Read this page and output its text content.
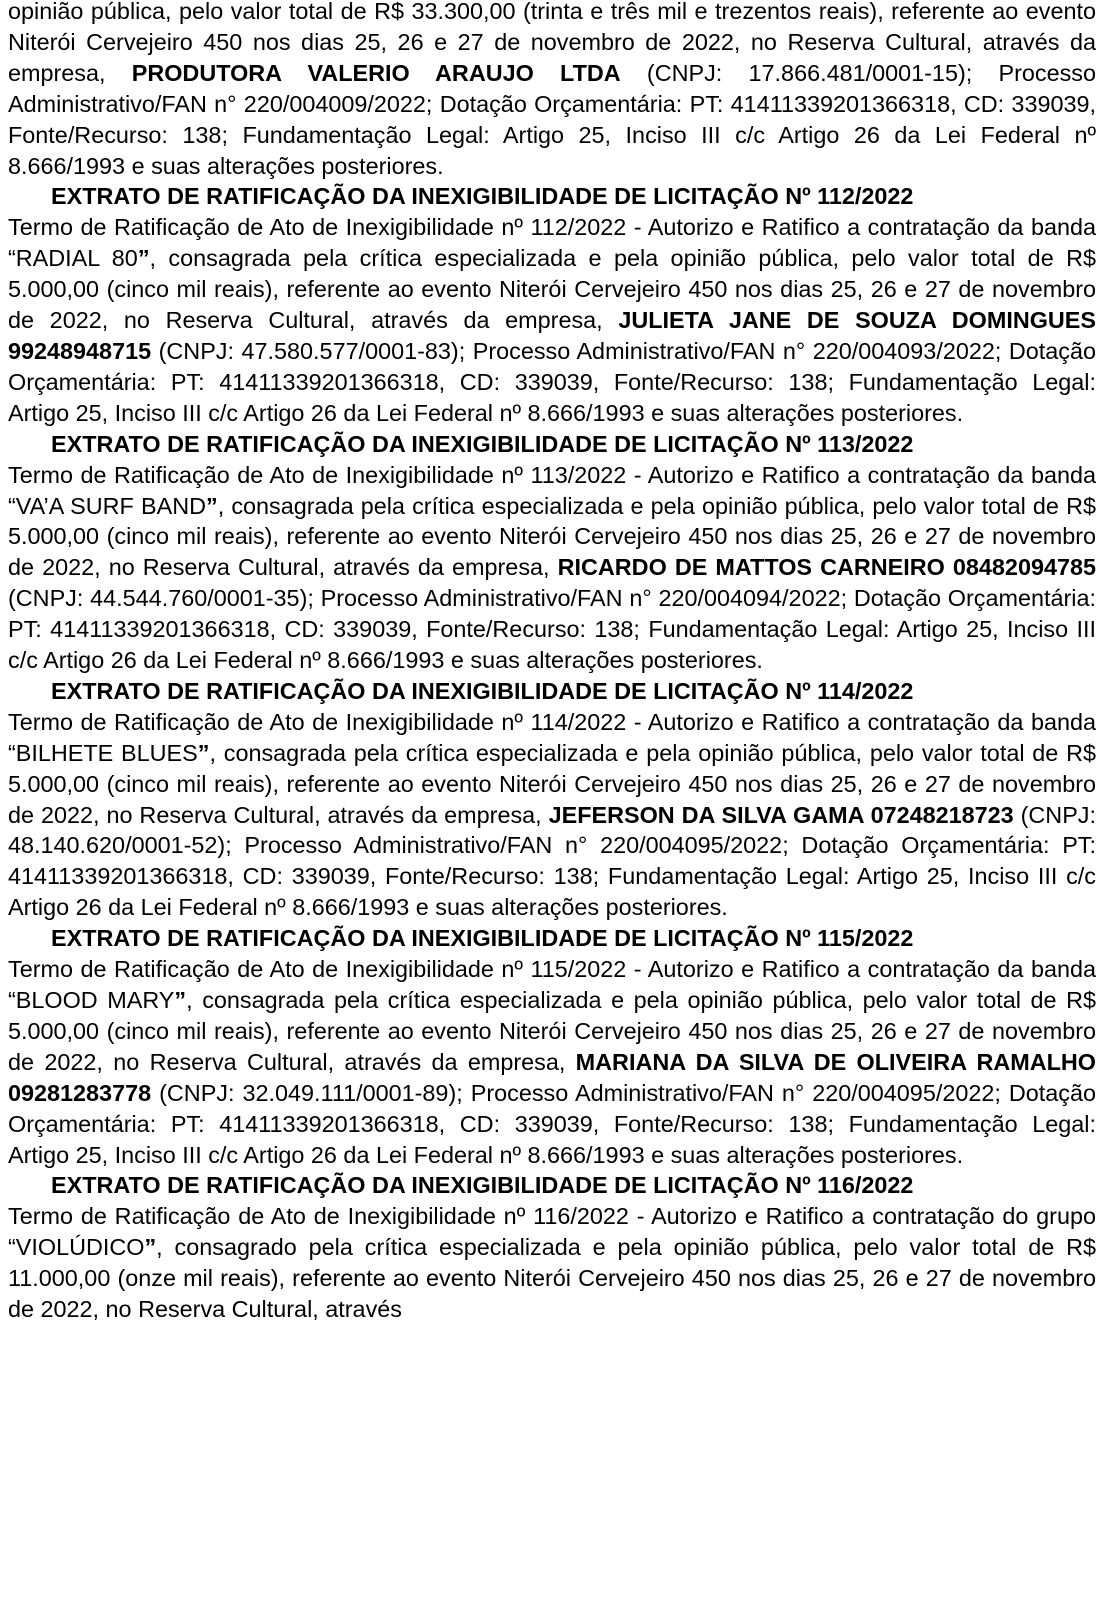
opinião pública, pelo valor total de R$ 33.300,00 (trinta e três mil e trezentos reais), referente ao evento Niterói Cervejeiro 450 nos dias 25, 26 e 27 de novembro de 2022, no Reserva Cultural, através da empresa, PRODUTORA VALERIO ARAUJO LTDA (CNPJ: 17.866.481/0001-15); Processo Administrativo/FAN n° 220/004009/2022; Dotação Orçamentária: PT: 41411339201366318, CD: 339039, Fonte/Recurso: 138; Fundamentação Legal: Artigo 25, Inciso III c/c Artigo 26 da Lei Federal nº 8.666/1993 e suas alterações posteriores.

EXTRATO DE RATIFICAÇÃO DA INEXIGIBILIDADE DE LICITAÇÃO Nº 112/2022

Termo de Ratificação de Ato de Inexigibilidade nº 112/2022 - Autorizo e Ratifico a contratação da banda “RADIAL 80”, consagrada pela crítica especializada e pela opinião pública, pelo valor total de R$ 5.000,00 (cinco mil reais), referente ao evento Niterói Cervejeiro 450 nos dias 25, 26 e 27 de novembro de 2022, no Reserva Cultural, através da empresa, JULIETA JANE DE SOUZA DOMINGUES 99248948715 (CNPJ: 47.580.577/0001-83); Processo Administrativo/FAN n° 220/004093/2022; Dotação Orçamentária: PT: 41411339201366318, CD: 339039, Fonte/Recurso: 138; Fundamentação Legal: Artigo 25, Inciso III c/c Artigo 26 da Lei Federal nº 8.666/1993 e suas alterações posteriores.

EXTRATO DE RATIFICAÇÃO DA INEXIGIBILIDADE DE LICITAÇÃO Nº 113/2022

Termo de Ratificação de Ato de Inexigibilidade nº 113/2022 - Autorizo e Ratifico a contratação da banda “VA’A SURF BAND”, consagrada pela crítica especializada e pela opinião pública, pelo valor total de R$ 5.000,00 (cinco mil reais), referente ao evento Niterói Cervejeiro 450 nos dias 25, 26 e 27 de novembro de 2022, no Reserva Cultural, através da empresa, RICARDO DE MATTOS CARNEIRO 08482094785 (CNPJ: 44.544.760/0001-35); Processo Administrativo/FAN n° 220/004094/2022; Dotação Orçamentária: PT: 41411339201366318, CD: 339039, Fonte/Recurso: 138; Fundamentação Legal: Artigo 25, Inciso III c/c Artigo 26 da Lei Federal nº 8.666/1993 e suas alterações posteriores.

EXTRATO DE RATIFICAÇÃO DA INEXIGIBILIDADE DE LICITAÇÃO Nº 114/2022

Termo de Ratificação de Ato de Inexigibilidade nº 114/2022 - Autorizo e Ratifico a contratação da banda “BILHETE BLUES”, consagrada pela crítica especializada e pela opinião pública, pelo valor total de R$ 5.000,00 (cinco mil reais), referente ao evento Niterói Cervejeiro 450 nos dias 25, 26 e 27 de novembro de 2022, no Reserva Cultural, através da empresa, JEFERSON DA SILVA GAMA 07248218723 (CNPJ: 48.140.620/0001-52); Processo Administrativo/FAN n° 220/004095/2022; Dotação Orçamentária: PT: 41411339201366318, CD: 339039, Fonte/Recurso: 138; Fundamentação Legal: Artigo 25, Inciso III c/c Artigo 26 da Lei Federal nº 8.666/1993 e suas alterações posteriores.

EXTRATO DE RATIFICAÇÃO DA INEXIGIBILIDADE DE LICITAÇÃO Nº 115/2022

Termo de Ratificação de Ato de Inexigibilidade nº 115/2022 - Autorizo e Ratifico a contratação da banda “BLOOD MARY”, consagrada pela crítica especializada e pela opinião pública, pelo valor total de R$ 5.000,00 (cinco mil reais), referente ao evento Niterói Cervejeiro 450 nos dias 25, 26 e 27 de novembro de 2022, no Reserva Cultural, através da empresa, MARIANA DA SILVA DE OLIVEIRA RAMALHO 09281283778 (CNPJ: 32.049.111/0001-89); Processo Administrativo/FAN n° 220/004095/2022; Dotação Orçamentária: PT: 41411339201366318, CD: 339039, Fonte/Recurso: 138; Fundamentação Legal: Artigo 25, Inciso III c/c Artigo 26 da Lei Federal nº 8.666/1993 e suas alterações posteriores.

EXTRATO DE RATIFICAÇÃO DA INEXIGIBILIDADE DE LICITAÇÃO Nº 116/2022

Termo de Ratificação de Ato de Inexigibilidade nº 116/2022 - Autorizo e Ratifico a contratação do grupo “VIOLÚDICO”, consagrado pela crítica especializada e pela opinião pública, pelo valor total de R$ 11.000,00 (onze mil reais), referente ao evento Niterói Cervejeiro 450 nos dias 25, 26 e 27 de novembro de 2022, no Reserva Cultural, através
